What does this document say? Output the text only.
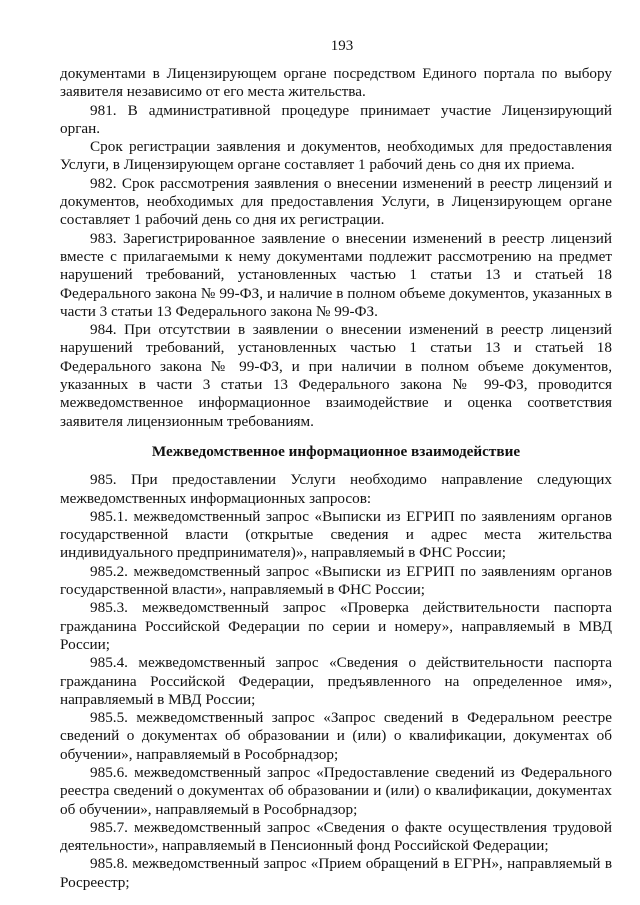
193

документами в Лицензирующем органе посредством Единого портала по выбору заявителя независимо от его места жительства.

981. В административной процедуре принимает участие Лицензирующий орган.

Срок регистрации заявления и документов, необходимых для предоставления Услуги, в Лицензирующем органе составляет 1 рабочий день со дня их приема.

982. Срок рассмотрения заявления о внесении изменений в реестр лицензий и документов, необходимых для предоставления Услуги, в Лицензирующем органе составляет 1 рабочий день со дня их регистрации.

983. Зарегистрированное заявление о внесении изменений в реестр лицензий вместе с прилагаемыми к нему документами подлежит рассмотрению на предмет нарушений требований, установленных частью 1 статьи 13 и статьей 18 Федерального закона № 99-ФЗ, и наличие в полном объеме документов, указанных в части 3 статьи 13 Федерального закона № 99-ФЗ.

984. При отсутствии в заявлении о внесении изменений в реестр лицензий нарушений требований, установленных частью 1 статьи 13 и статьей 18 Федерального закона № 99-ФЗ, и при наличии в полном объеме документов, указанных в части 3 статьи 13 Федерального закона № 99-ФЗ, проводится межведомственное информационное взаимодействие и оценка соответствия заявителя лицензионным требованиям.

Межведомственное информационное взаимодействие

985. При предоставлении Услуги необходимо направление следующих межведомственных информационных запросов:

985.1. межведомственный запрос «Выписки из ЕГРИП по заявлениям органов государственной власти (открытые сведения и адрес места жительства индивидуального предпринимателя)», направляемый в ФНС России;

985.2. межведомственный запрос «Выписки из ЕГРИП по заявлениям органов государственной власти», направляемый в ФНС России;

985.3. межведомственный запрос «Проверка действительности паспорта гражданина Российской Федерации по серии и номеру», направляемый в МВД России;

985.4. межведомственный запрос «Сведения о действительности паспорта гражданина Российской Федерации, предъявленного на определенное имя», направляемый в МВД России;

985.5. межведомственный запрос «Запрос сведений в Федеральном реестре сведений о документах об образовании и (или) о квалификации, документах об обучении», направляемый в Рособрнадзор;

985.6. межведомственный запрос «Предоставление сведений из Федерального реестра сведений о документах об образовании и (или) о квалификации, документах об обучении», направляемый в Рособрнадзор;

985.7. межведомственный запрос «Сведения о факте осуществления трудовой деятельности», направляемый в Пенсионный фонд Российской Федерации;

985.8. межведомственный запрос «Прием обращений в ЕГРН», направляемый в Росреестр;
